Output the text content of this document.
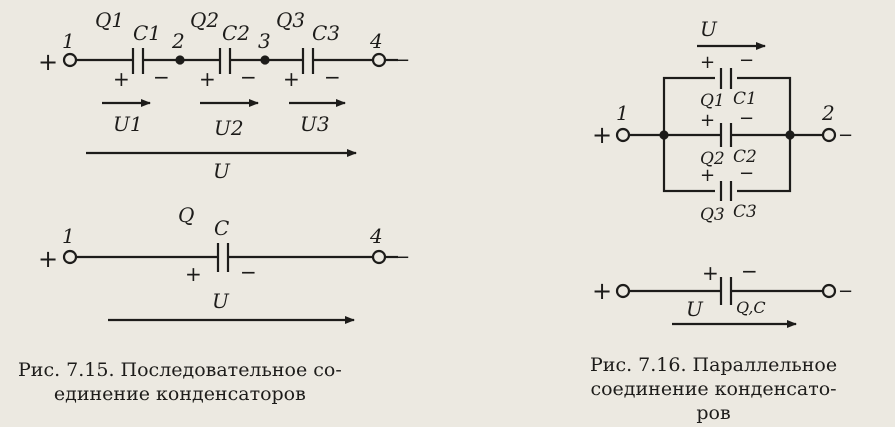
+	−
1	2	3	4
Q1	Q2	Q3
C1	C2	C3
+ − + − + −
U1	U2	U3
U
+	−
1	4
Q
C
+ −
U
U
+	−
1	2
+ −
Q1 C1
+ −
Q2 C2
+ −
Q3 C3
+	−
+ −
Q,C
U
Рис. 7.15. Последовательное со-
единение конденсаторов
Рис. 7.16. Параллельное
соединение конденсато-
ров
